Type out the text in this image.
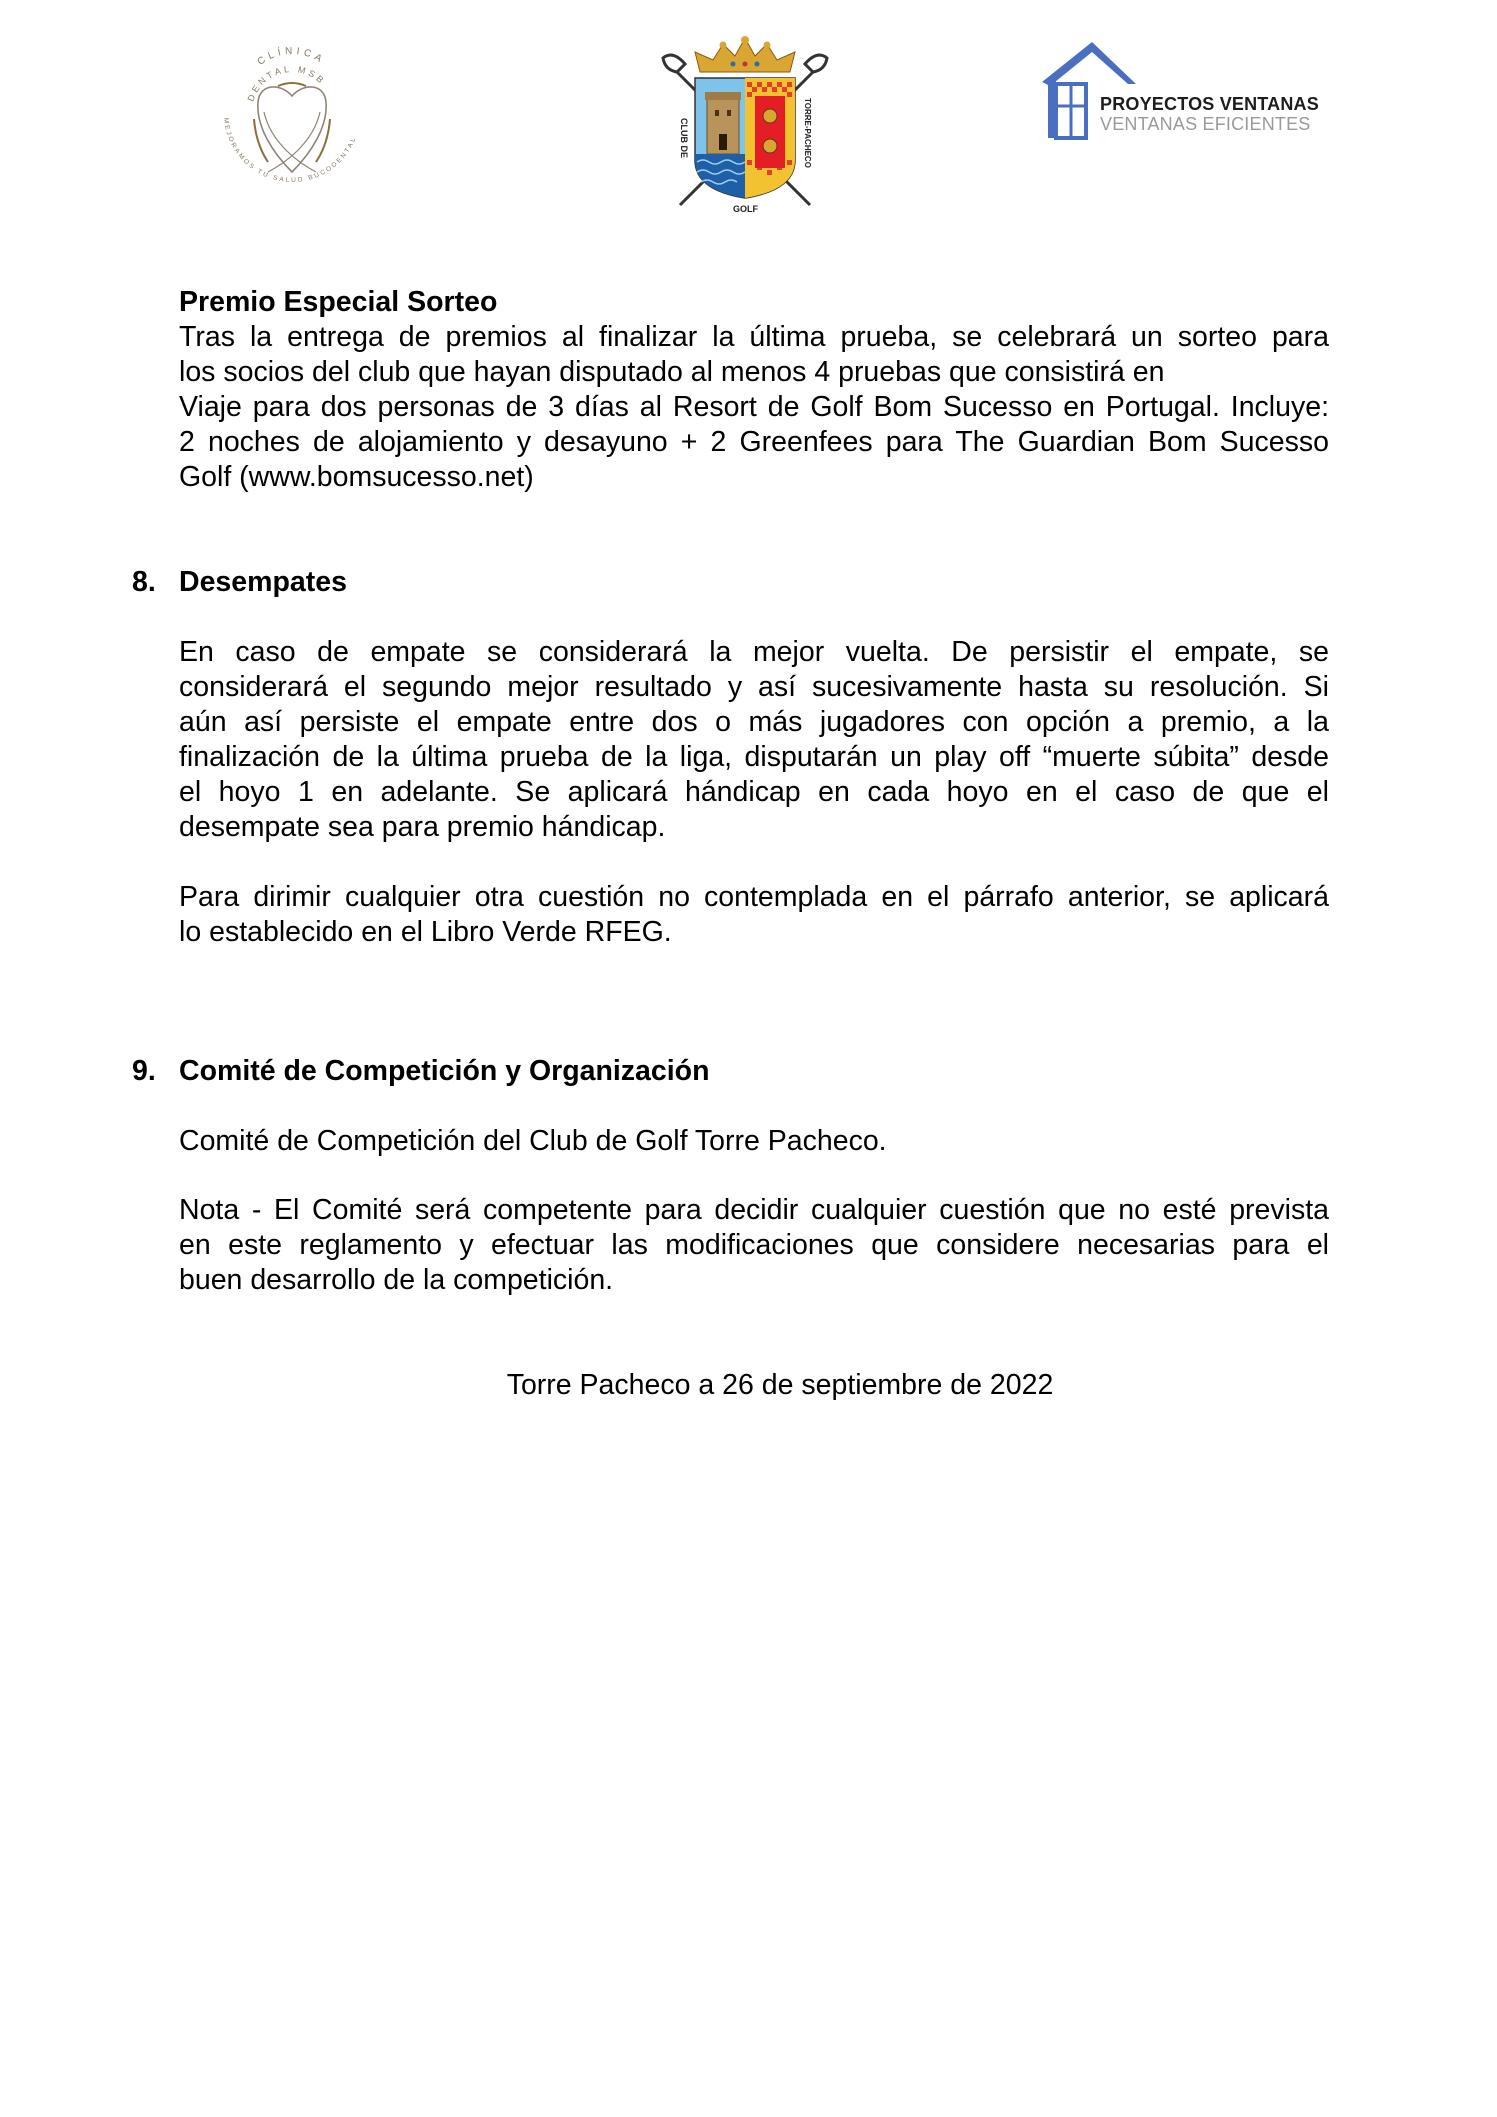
CLÍNICA
DENTAL MSB
MEJORAMOS TU SALUD BUCODENTAL	CLUB DE	TORRE-PACHECO
GOLF
PROYECTOS VENTANAS
VENTANAS EFICIENTES
Premio Especial Sorteo
Tras la entrega de premios al finalizar la última prueba, se celebrará un sorteo para
los socios del club que hayan disputado al menos 4 pruebas que consistirá en
Viaje para dos personas de 3 días al Resort de Golf Bom Sucesso en Portugal. Incluye:
2 noches de alojamiento y desayuno + 2 Greenfees para The Guardian Bom Sucesso
Golf (www.bomsucesso.net)
8. Desempates
En caso de empate se considerará la mejor vuelta. De persistir el empate, se
considerará el segundo mejor resultado y así sucesivamente hasta su resolución. Si
aún así persiste el empate entre dos o más jugadores con opción a premio, a la
finalización de la última prueba de la liga, disputarán un play off “muerte súbita” desde
el hoyo 1 en adelante. Se aplicará hándicap en cada hoyo en el caso de que el
desempate sea para premio hándicap.
Para dirimir cualquier otra cuestión no contemplada en el párrafo anterior, se aplicará
lo establecido en el Libro Verde RFEG.
9. Comité de Competición y Organización
Comité de Competición del Club de Golf Torre Pacheco.
Nota - El Comité será competente para decidir cualquier cuestión que no esté prevista
en este reglamento y efectuar las modificaciones que considere necesarias para el
buen desarrollo de la competición.
Torre Pacheco a 26 de septiembre de 2022
